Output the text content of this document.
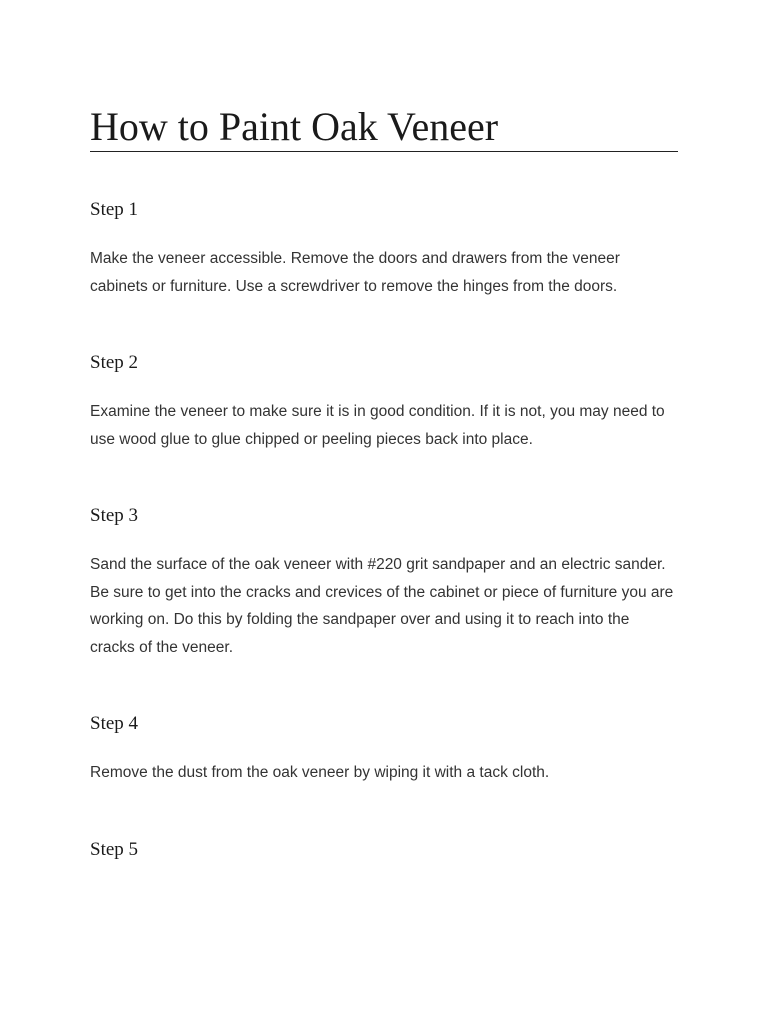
How to Paint Oak Veneer
Step 1

Make the veneer accessible. Remove the doors and drawers from the veneer cabinets or furniture. Use a screwdriver to remove the hinges from the doors.

Step 2

Examine the veneer to make sure it is in good condition. If it is not, you may need to use wood glue to glue chipped or peeling pieces back into place.

Step 3

Sand the surface of the oak veneer with #220 grit sandpaper and an electric sander. Be sure to get into the cracks and crevices of the cabinet or piece of furniture you are working on. Do this by folding the sandpaper over and using it to reach into the cracks of the veneer.

Step 4

Remove the dust from the oak veneer by wiping it with a tack cloth.

Step 5
